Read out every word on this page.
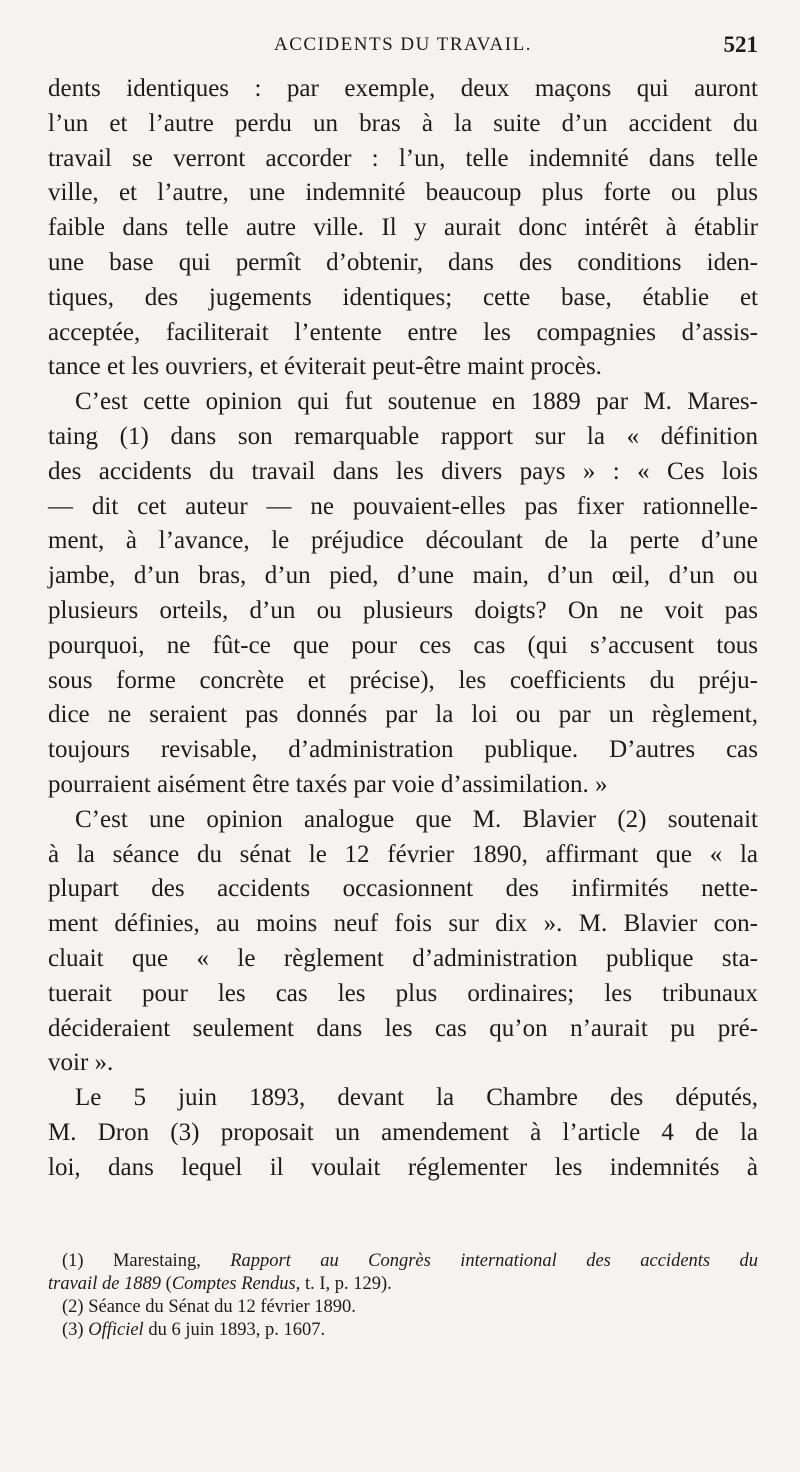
ACCIDENTS DU TRAVAIL.	521
dents identiques : par exemple, deux maçons qui auront
l’un et l’autre perdu un bras à la suite d’un accident du
travail se verront accorder : l’un, telle indemnité dans telle
ville, et l’autre, une indemnité beaucoup plus forte ou plus
faible dans telle autre ville. Il y aurait donc intérêt à établir
une base qui permît d’obtenir, dans des conditions iden-
tiques, des jugements identiques; cette base, établie et
acceptée, faciliterait l’entente entre les compagnies d’assis-
tance et les ouvriers, et éviterait peut-être maint procès.
C’est cette opinion qui fut soutenue en 1889 par M. Mares-
taing (1) dans son remarquable rapport sur la « définition
des accidents du travail dans les divers pays » : « Ces lois
— dit cet auteur — ne pouvaient-elles pas fixer rationnelle-
ment, à l’avance, le préjudice découlant de la perte d’une
jambe, d’un bras, d’un pied, d’une main, d’un œil, d’un ou
plusieurs orteils, d’un ou plusieurs doigts? On ne voit pas
pourquoi, ne fût-ce que pour ces cas (qui s’accusent tous
sous forme concrète et précise), les coefficients du préju-
dice ne seraient pas donnés par la loi ou par un règlement,
toujours revisable, d’administration publique. D’autres cas
pourraient aisément être taxés par voie d’assimilation. »
C’est une opinion analogue que M. Blavier (2) soutenait
à la séance du sénat le 12 février 1890, affirmant que « la
plupart des accidents occasionnent des infirmités nette-
ment définies, au moins neuf fois sur dix ». M. Blavier con-
cluait que « le règlement d’administration publique sta-
tuerait pour les cas les plus ordinaires; les tribunaux
décideraient seulement dans les cas qu’on n’aurait pu pré-
voir ».
Le 5 juin 1893, devant la Chambre des députés,
M. Dron (3) proposait un amendement à l’article 4 de la
loi, dans lequel il voulait réglementer les indemnités à
(1) Marestaing, Rapport au Congrès international des accidents du
travail de 1889 (Comptes Rendus, t. I, p. 129).
(2) Séance du Sénat du 12 février 1890.
(3) Officiel du 6 juin 1893, p. 1607.
